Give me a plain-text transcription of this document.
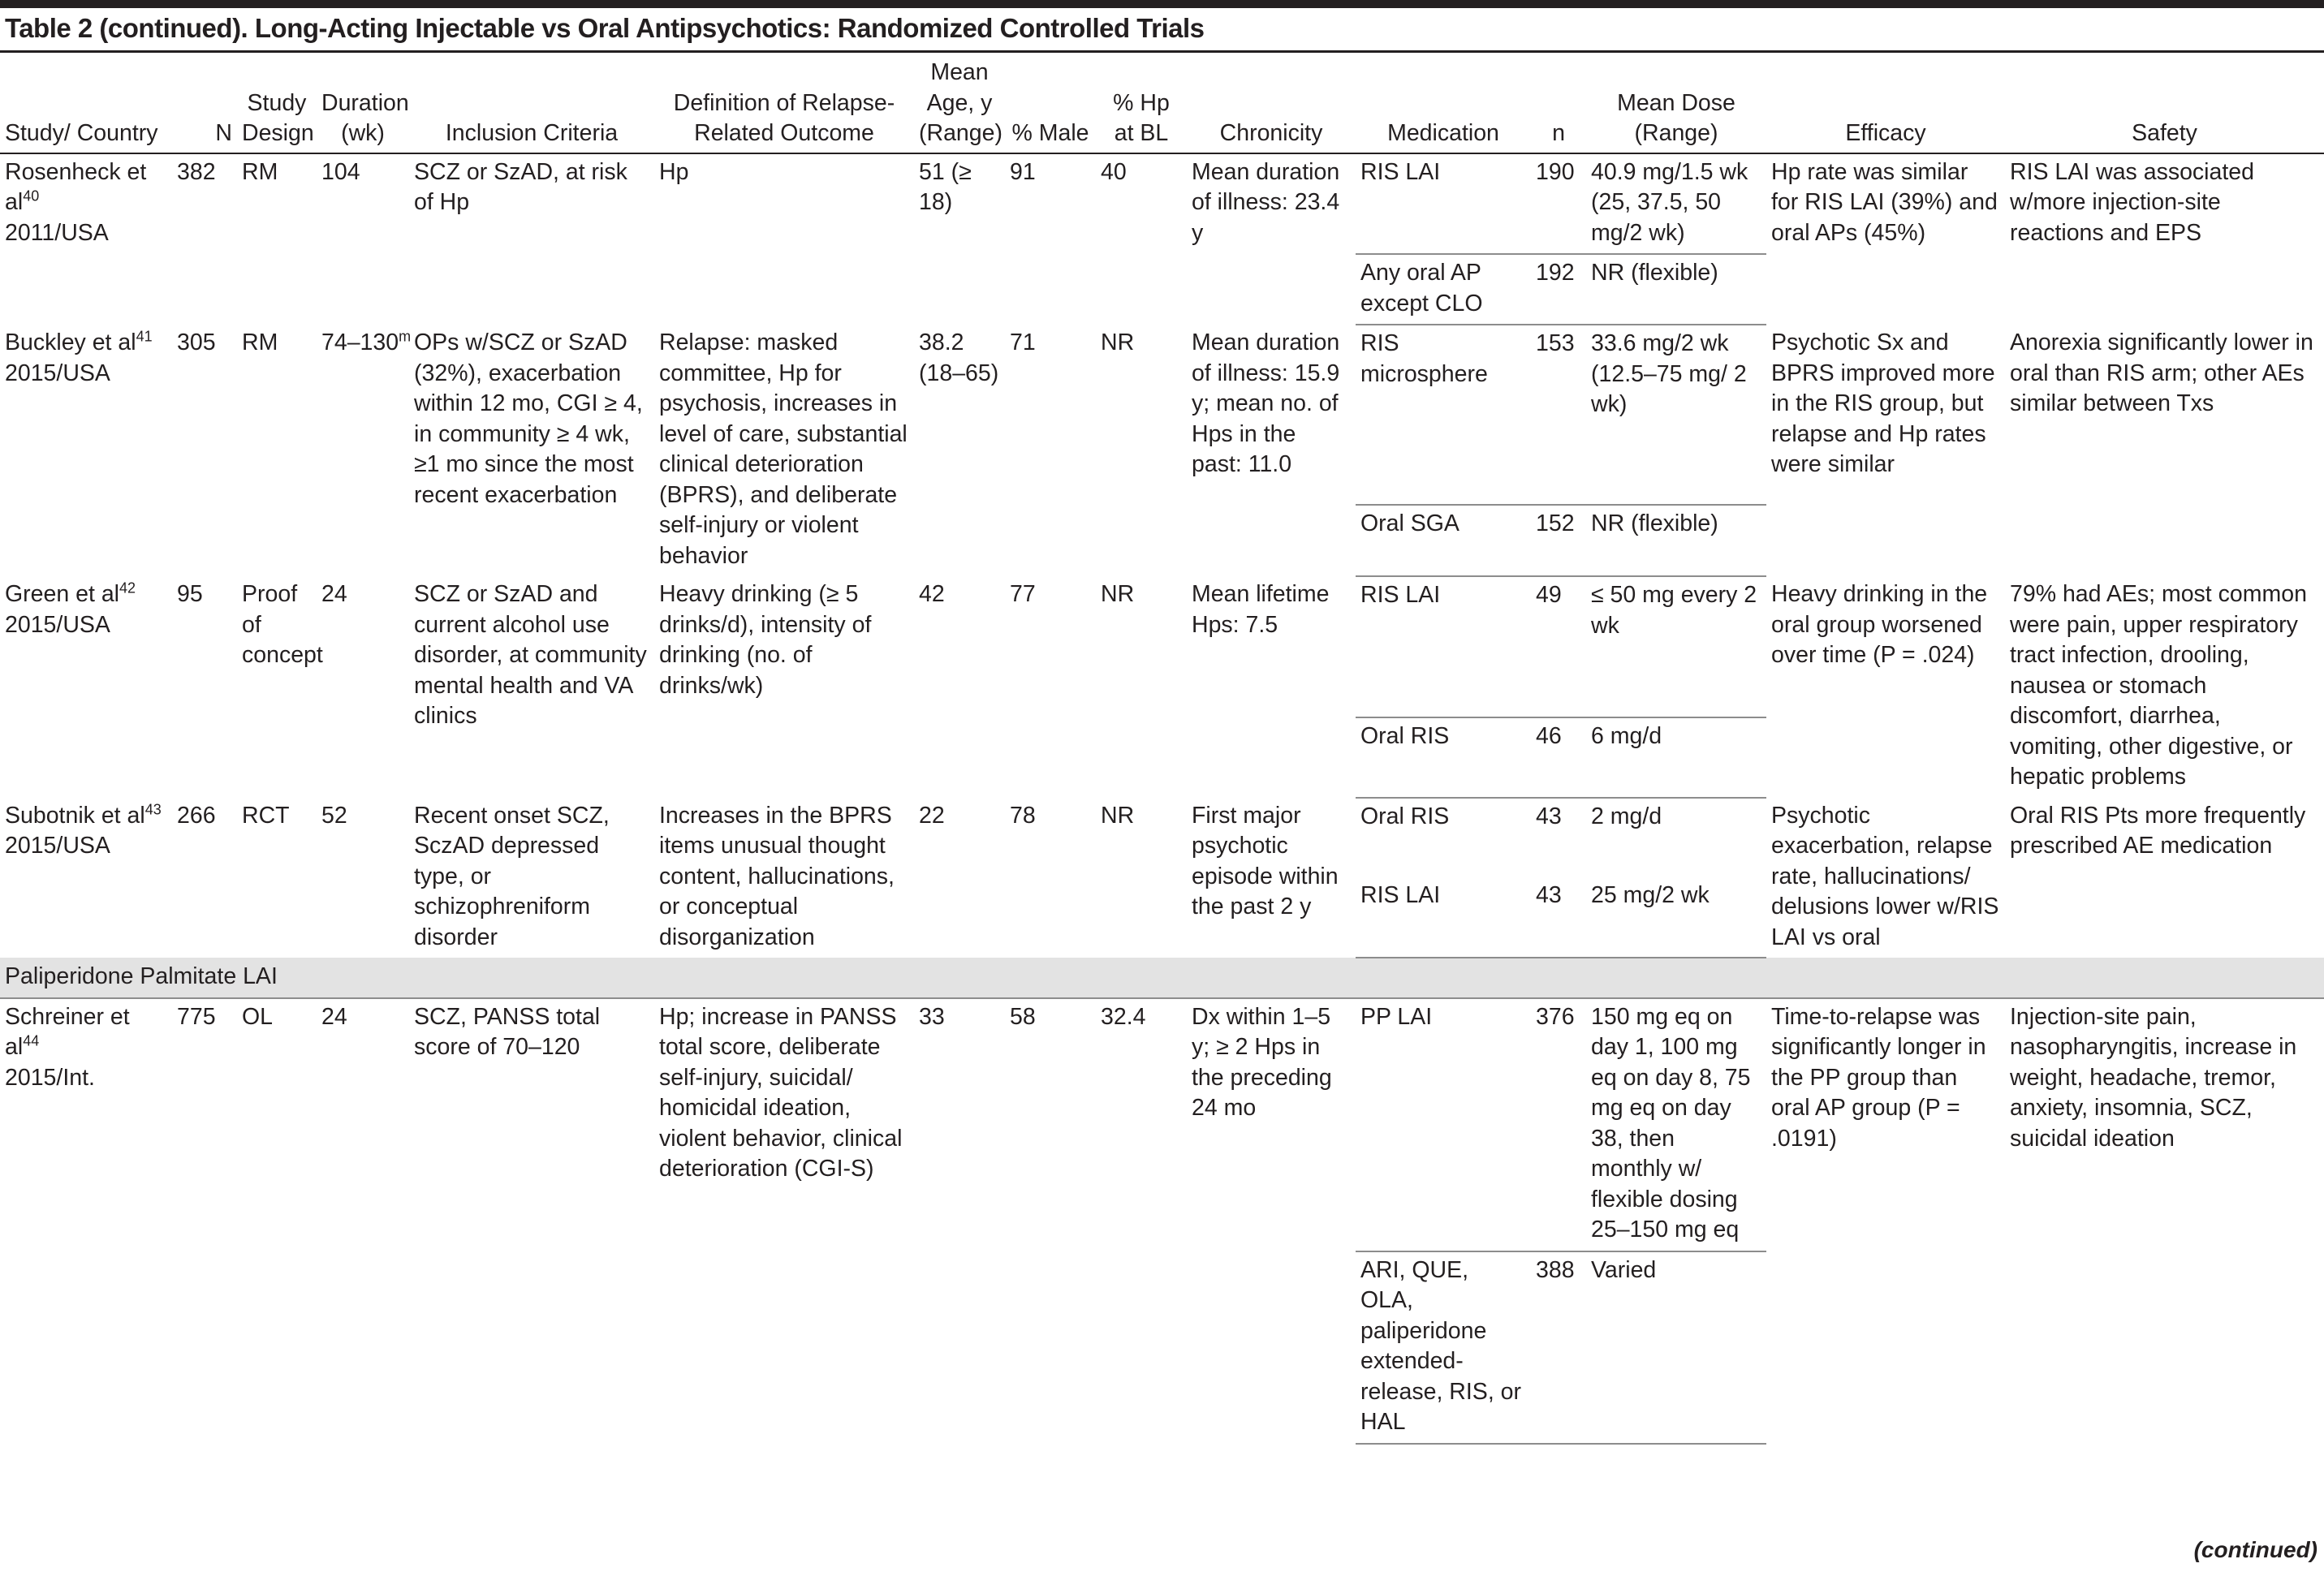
Table 2 (continued). Long-Acting Injectable vs Oral Antipsychotics: Randomized Controlled Trials
Study/ Country	N	Study Design	Duration (wk)	Inclusion Criteria	Definition of Relapse-Related Outcome	Mean Age, y (Range)	% Male	% Hp at BL	Chronicity	Medication	n	Mean Dose (Range)	Efficacy	Safety
Rosenheck et al$^{40}$
2011/USA	382	RM	104	SCZ or SzAD, at risk of Hp	Hp	51 (≥ 18)	91	40	Mean duration of illness: 23.4 y	RIS LAI	190	40.9 mg/1.5 wk (25, 37.5, 50 mg/2 wk)	Hp rate was similar for RIS LAI (39%) and oral APs (45%)	RIS LAI was associated w/more injection-site reactions and EPS
										Any oral AP except CLO	192	NR (flexible)		
Buckley et al$^{41}$
2015/USA	305	RM	74–130$^m$	OPs w/SCZ or SzAD (32%), exacerbation within 12 mo, CGI ≥ 4, in community ≥ 4 wk, ≥1 mo since the most recent exacerbation	Relapse: masked committee, Hp for psychosis, increases in level of care, substantial clinical deterioration (BPRS), and deliberate self-injury or violent behavior	38.2 (18–65)	71	NR	Mean duration of illness: 15.9 y; mean no. of Hps in the past: 11.0	RIS microsphere	153	33.6 mg/2 wk (12.5–75 mg/ 2 wk)	Psychotic Sx and BPRS improved more in the RIS group, but relapse and Hp rates were similar	Anorexia significantly lower in oral than RIS arm; other AEs similar between Txs
										Oral SGA	152	NR (flexible)		
Green et al$^{42}$
2015/USA	95	Proof of concept	24	SCZ or SzAD and current alcohol use disorder, at community mental health and VA clinics	Heavy drinking (≥ 5 drinks/d), intensity of drinking (no. of drinks/wk)	42	77	NR	Mean lifetime Hps: 7.5	RIS LAI	49	≤ 50 mg every 2 wk	Heavy drinking in the oral group worsened over time (P = .024)	79% had AEs; most common were pain, upper respiratory tract infection, drooling, nausea or stomach discomfort, diarrhea, vomiting, other digestive, or hepatic problems
										Oral RIS	46	6 mg/d		
Subotnik et al$^{43}$
2015/USA	266	RCT	52	Recent onset SCZ, SczAD depressed type, or schizophreniform disorder	Increases in the BPRS items unusual thought content, hallucinations, or conceptual disorganization	22	78	NR	First major psychotic episode within the past 2 y	Oral RIS	43	2 mg/d	Psychotic exacerbation, relapse rate, hallucinations/ delusions lower w/RIS LAI vs oral	Oral RIS Pts more frequently prescribed AE medication
										RIS LAI	43	25 mg/2 wk		
Paliperidone Palmitate LAI														
Schreiner et al$^{44}$
2015/Int.	775	OL	24	SCZ, PANSS total score of 70–120	Hp; increase in PANSS total score, deliberate self-injury, suicidal/ homicidal ideation, violent behavior, clinical deterioration (CGI-S)	33	58	32.4	Dx within 1–5 y; ≥ 2 Hps in the preceding 24 mo	PP LAI	376	150 mg eq on day 1, 100 mg eq on day 8, 75 mg eq on day 38, then monthly w/ flexible dosing 25–150 mg eq	Time-to-relapse was significantly longer in the PP group than oral AP group (P = .0191)	Injection-site pain, nasopharyngitis, increase in weight, headache, tremor, anxiety, insomnia, SCZ, suicidal ideation
										ARI, QUE, OLA, paliperidone extended-release, RIS, or HAL	388	Varied		
(continued)
